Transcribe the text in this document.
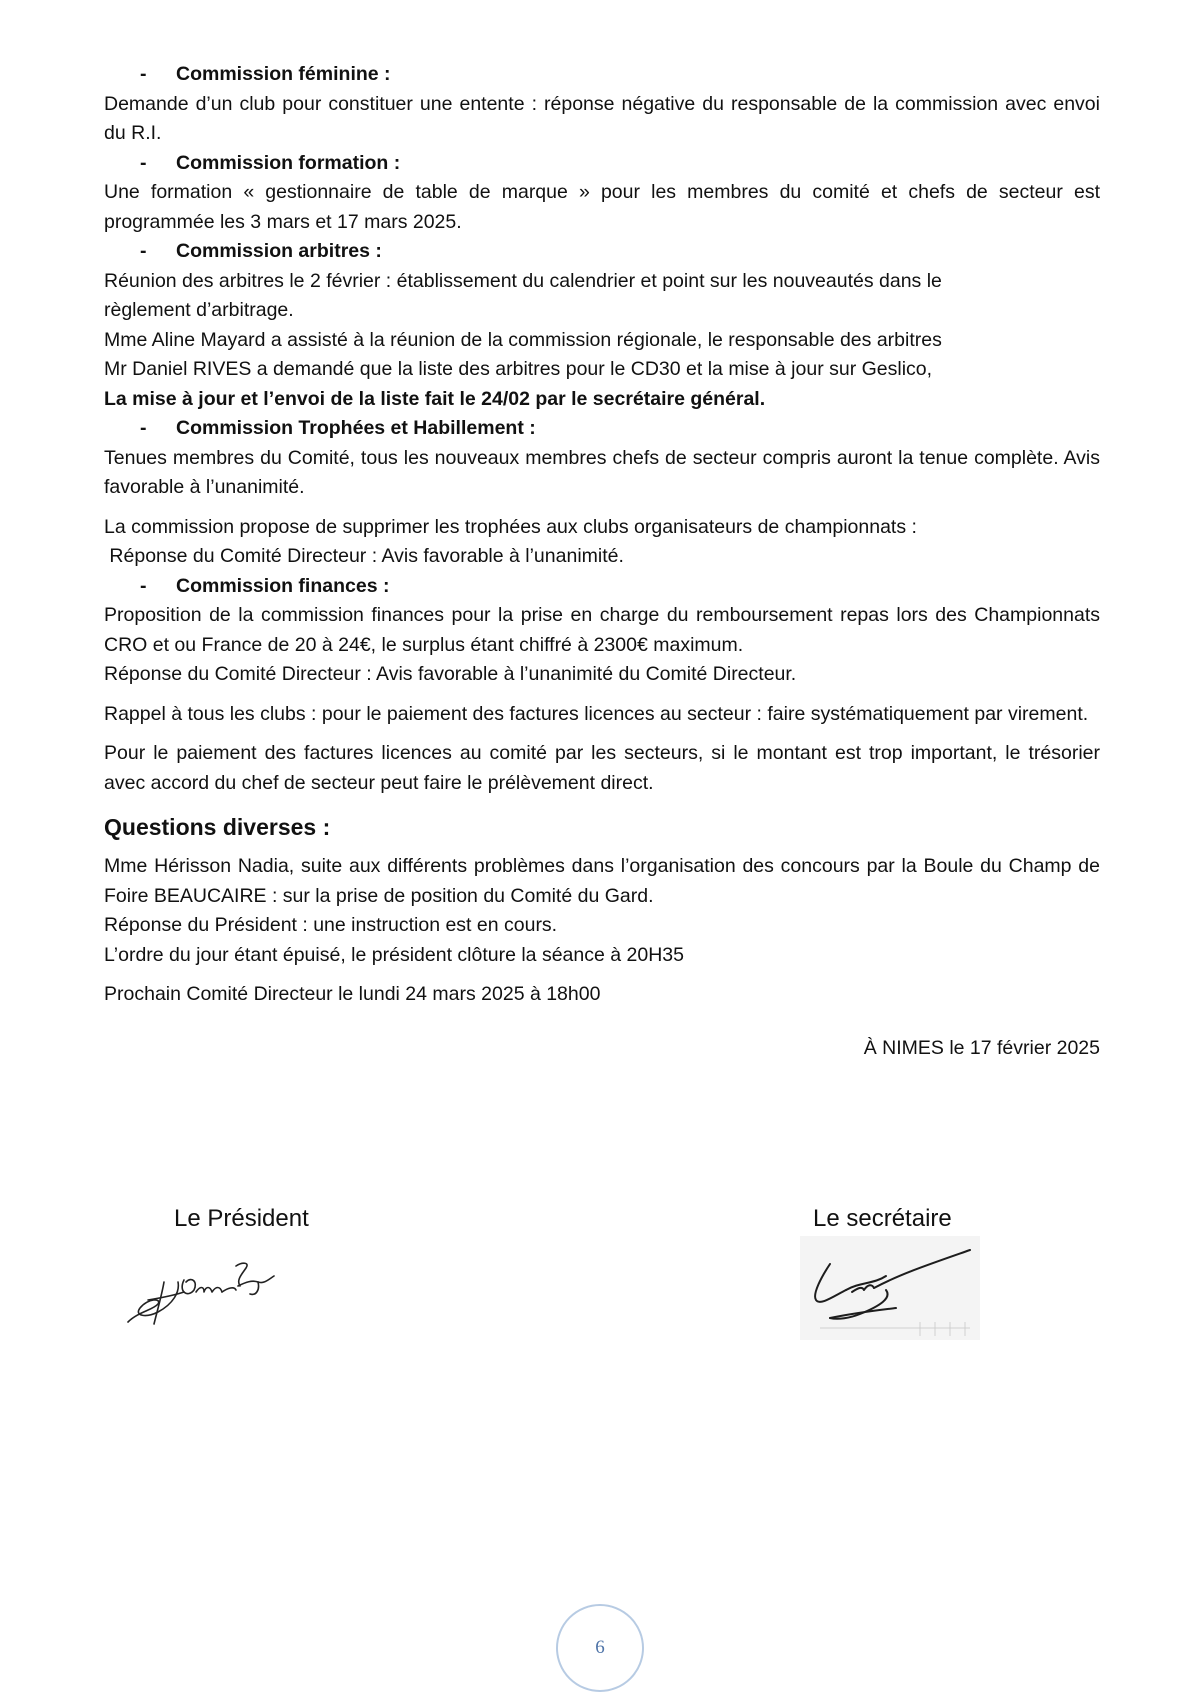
- Commission féminine :

Demande d’un club pour constituer une entente : réponse négative du responsable de la commission avec envoi du R.I.

- Commission formation :

Une formation « gestionnaire de table de marque » pour les membres du comité et chefs de secteur est programmée les 3 mars et 17 mars 2025.

- Commission arbitres :

Réunion des arbitres le 2 février : établissement du calendrier et point sur les nouveautés dans le

règlement d’arbitrage.

Mme Aline Mayard a assisté à la réunion de la commission régionale, le responsable des arbitres

Mr Daniel RIVES a demandé que la liste des arbitres pour le CD30 et la mise à jour sur Geslico,

La mise à jour et l’envoi de la liste fait le 24/02 par le secrétaire général.

- Commission Trophées et Habillement :

Tenues membres du Comité, tous les nouveaux membres chefs de secteur compris auront la tenue complète. Avis favorable à l’unanimité.

La commission propose de supprimer les trophées aux clubs organisateurs de championnats :

Réponse du Comité Directeur : Avis favorable à l’unanimité.

- Commission finances :

Proposition de la commission finances pour la prise en charge du remboursement repas lors des Championnats CRO et ou France de 20 à 24€, le surplus étant chiffré à 2300€ maximum.

Réponse du Comité Directeur : Avis favorable à l’unanimité du Comité Directeur.

Rappel à tous les clubs : pour le paiement des factures licences au secteur : faire systématiquement par virement.

Pour le paiement des factures licences au comité par les secteurs, si le montant est trop important, le trésorier avec accord du chef de secteur peut faire le prélèvement direct.

Questions diverses :

Mme Hérisson Nadia, suite aux différents problèmes dans l’organisation des concours par la Boule du Champ de Foire BEAUCAIRE : sur la prise de position du Comité du Gard.

Réponse du Président : une instruction est en cours.

L’ordre du jour étant épuisé, le président clôture la séance à 20H35

Prochain Comité Directeur le lundi 24 mars 2025 à 18h00

À NIMES le 17 février 2025
Le Président	Le secrétaire
6
